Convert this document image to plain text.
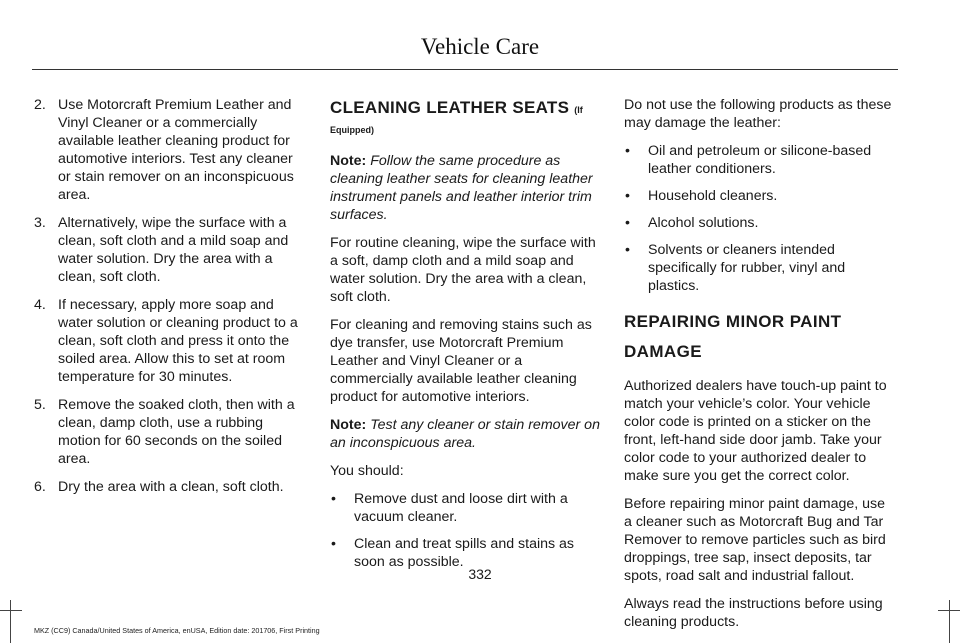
Vehicle Care
2. Use Motorcraft Premium Leather and Vinyl Cleaner or a commercially available leather cleaning product for automotive interiors. Test any cleaner or stain remover on an inconspicuous area.
3. Alternatively, wipe the surface with a clean, soft cloth and a mild soap and water solution. Dry the area with a clean, soft cloth.
4. If necessary, apply more soap and water solution or cleaning product to a clean, soft cloth and press it onto the soiled area. Allow this to set at room temperature for 30 minutes.
5. Remove the soaked cloth, then with a clean, damp cloth, use a rubbing motion for 60 seconds on the soiled area.
6. Dry the area with a clean, soft cloth.
CLEANING LEATHER SEATS (If
Equipped)

Note: Follow the same procedure as cleaning leather seats for cleaning leather instrument panels and leather interior trim surfaces.

For routine cleaning, wipe the surface with a soft, damp cloth and a mild soap and water solution. Dry the area with a clean, soft cloth.

For cleaning and removing stains such as dye transfer, use Motorcraft Premium Leather and Vinyl Cleaner or a commercially available leather cleaning product for automotive interiors.

Note: Test any cleaner or stain remover on an inconspicuous area.

You should:

• Remove dust and loose dirt with a vacuum cleaner.
• Clean and treat spills and stains as soon as possible.

Do not use the following products as these may damage the leather:

• Oil and petroleum or silicone-based leather conditioners.
• Household cleaners.
• Alcohol solutions.
• Solvents or cleaners intended specifically for rubber, vinyl and plastics.
REPAIRING MINOR PAINT
DAMAGE

Authorized dealers have touch-up paint to match your vehicle’s color. Your vehicle color code is printed on a sticker on the front, left-hand side door jamb. Take your color code to your authorized dealer to make sure you get the correct color.

Before repairing minor paint damage, use a cleaner such as Motorcraft Bug and Tar Remover to remove particles such as bird droppings, tree sap, insect deposits, tar spots, road salt and industrial fallout.

Always read the instructions before using cleaning products.

332
MKZ (CC9) Canada/United States of America, enUSA, Edition date: 201706, First Printing
